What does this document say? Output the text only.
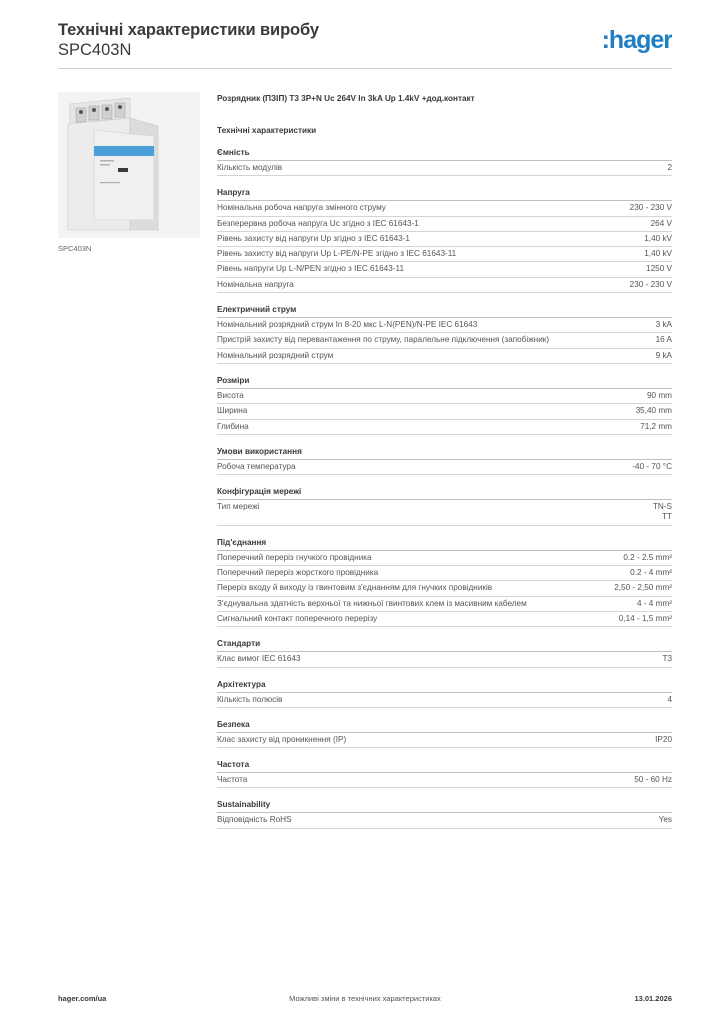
Технічні характеристики виробу
SPC403N	:hager
SPC403N
Розрядник (ПЗІП) T3 3P+N Uc 264V In 3kA Up 1.4kV +дод.контакт
Технічні характеристики
Ємність
Кількість модулів	2
Напруга
Номінальна робоча напруга змінного струму	230 - 230 V
Безперервна робоча напруга Uc згідно з IEC 61643-1	264 V
Рівень захисту від напруги Up згідно з IEC 61643-1	1,40 kV
Рівень захисту від напруги Up L-PE/N-PE згідно з IEC 61643-11	1,40 kV
Рівень напруги Up L-N/PEN згідно з IEC 61643-11	1250 V
Номінальна напруга	230 - 230 V
Електричний струм
Номінальний розрядний струм In 8-20 мкс L-N(PEN)/N-PE IEC 61643	3 kA
Пристрій захисту від перевантаження по струму, паралельне підключення (запобіжник)	16 A
Номінальний розрядний струм	9 kA
Розміри
Висота	90 mm
Ширина	35,40 mm
Глибина	71,2 mm
Умови використання
Робоча температура	-40 - 70 °C
Конфігурація мережі
Тип мережі	TN-S
TT
Під'єднання
Поперечний переріз гнучкого провідника	0.2 - 2.5 mm²
Поперечний переріз жорсткого провідника	0.2 - 4 mm²
Переріз входу й виходу із гвинтовим з'єднанням для гнучких провідників	2,50 - 2,50 mm²
З'єднувальна здатність верхньої та нижньої гвинтових клем із масивним кабелем	4 - 4 mm²
Сигнальний контакт поперечного перерізу	0,14 - 1,5 mm²
Стандарти
Клас вимог IEC 61643	T3
Архітектура
Кількість полюсів	4
Безпека
Клас захисту від проникнення (IP)	IP20
Частота
Частота	50 - 60 Hz
Sustainability
Відповідність RoHS	Yes
hager.com/ua	Можливі зміни в технічних характеристиках	13.01.2026
